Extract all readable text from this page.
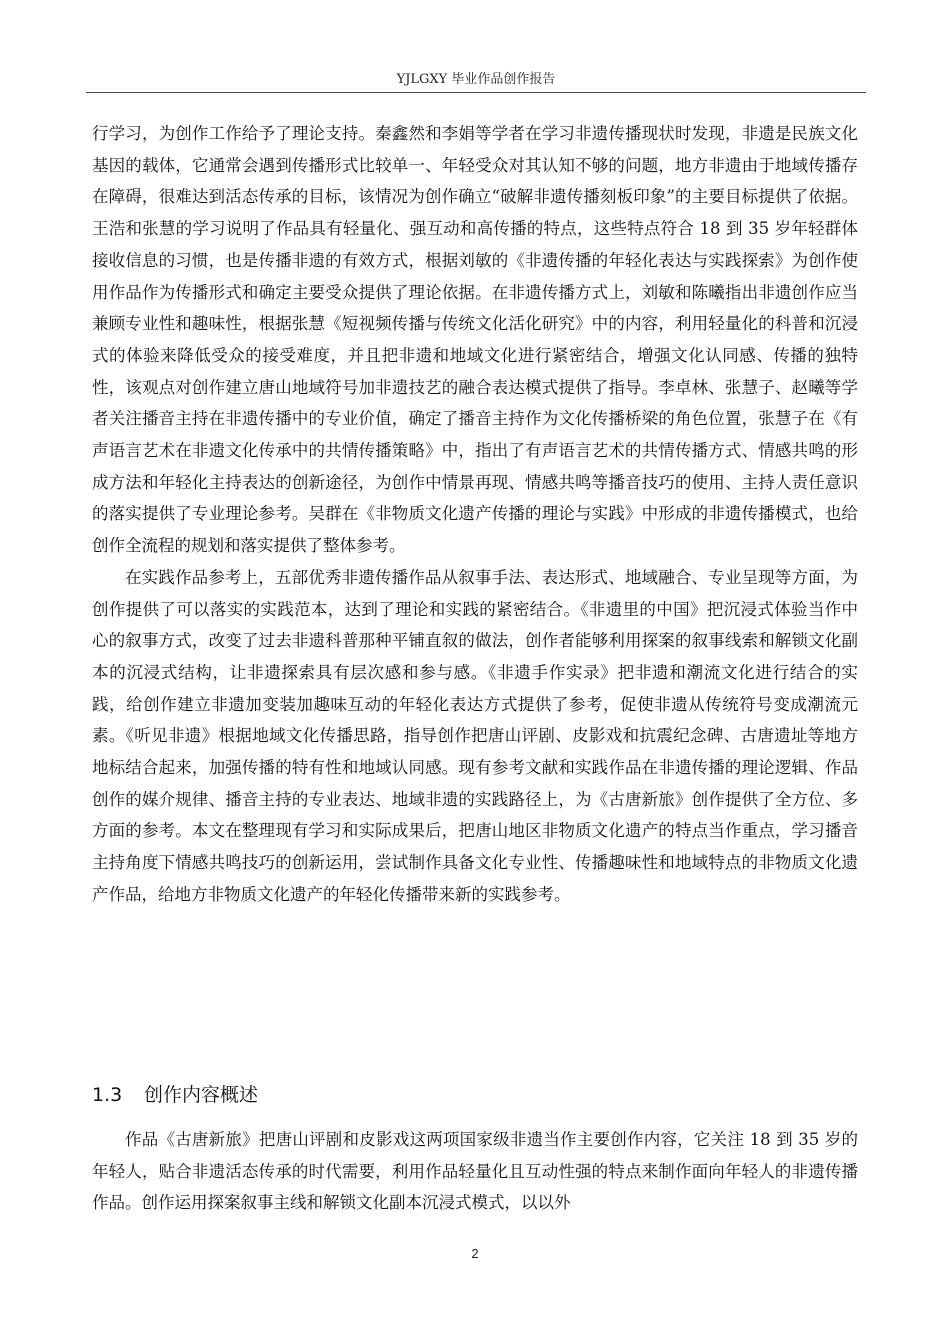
YJLGXY 毕业作品创作报告

行学习，为创作工作给予了理论支持。秦鑫然和李娟等学者在学习非遗传播现状时发现，非遗是民族文化基因的载体，它通常会遇到传播形式比较单一、年轻受众对其认知不够的问题，地方非遗由于地域传播存在障碍，很难达到活态传承的目标，该情况为创作确立“破解非遗传播刻板印象”的主要目标提供了依据。王浩和张慧的学习说明了作品具有轻量化、强互动和高传播的特点，这些特点符合 18 到 35 岁年轻群体接收信息的习惯，也是传播非遗的有效方式，根据刘敏的《非遗传播的年轻化表达与实践探索》为创作使用作品作为传播形式和确定主要受众提供了理论依据。在非遗传播方式上，刘敏和陈曦指出非遗创作应当兼顾专业性和趣味性，根据张慧《短视频传播与传统文化活化研究》中的内容，利用轻量化的科普和沉浸式的体验来降低受众的接受难度，并且把非遗和地域文化进行紧密结合，增强文化认同感、传播的独特性，该观点对创作建立唐山地域符号加非遗技艺的融合表达模式提供了指导。李卓林、张慧子、赵曦等学者关注播音主持在非遗传播中的专业价值，确定了播音主持作为文化传播桥梁的角色位置，张慧子在《有声语言艺术在非遗文化传承中的共情传播策略》中，指出了有声语言艺术的共情传播方式、情感共鸣的形成方法和年轻化主持表达的创新途径，为创作中情景再现、情感共鸣等播音技巧的使用、主持人责任意识的落实提供了专业理论参考。吴群在《非物质文化遗产传播的理论与实践》中形成的非遗传播模式，也给创作全流程的规划和落实提供了整体参考。

在实践作品参考上，五部优秀非遗传播作品从叙事手法、表达形式、地域融合、专业呈现等方面，为创作提供了可以落实的实践范本，达到了理论和实践的紧密结合。《非遗里的中国》把沉浸式体验当作中心的叙事方式，改变了过去非遗科普那种平铺直叙的做法，创作者能够利用探案的叙事线索和解锁文化副本的沉浸式结构，让非遗探索具有层次感和参与感。《非遗手作实录》把非遗和潮流文化进行结合的实践，给创作建立非遗加变装加趣味互动的年轻化表达方式提供了参考，促使非遗从传统符号变成潮流元素。《听见非遗》根据地域文化传播思路，指导创作把唐山评剧、皮影戏和抗震纪念碑、古唐遗址等地方地标结合起来，加强传播的特有性和地域认同感。现有参考文献和实践作品在非遗传播的理论逻辑、作品创作的媒介规律、播音主持的专业表达、地域非遗的实践路径上，为《古唐新旅》创作提供了全方位、多方面的参考。本文在整理现有学习和实际成果后，把唐山地区非物质文化遗产的特点当作重点，学习播音主持角度下情感共鸣技巧的创新运用，尝试制作具备文化专业性、传播趣味性和地域特点的非物质文化遗产作品，给地方非物质文化遗产的年轻化传播带来新的实践参考。

1.3 创作内容概述

作品《古唐新旅》把唐山评剧和皮影戏这两项国家级非遗当作主要创作内容，它关注 18 到 35 岁的年轻人，贴合非遗活态传承的时代需要，利用作品轻量化且互动性强的特点来制作面向年轻人的非遗传播作品。创作运用探案叙事主线和解锁文化副本沉浸式模式，以以外

2
